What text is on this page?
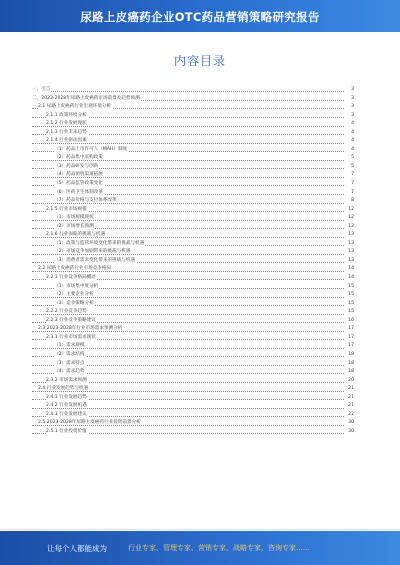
尿路上皮癌药企业OTC药品营销策略研究报告
内容目录
一、引言	3
二、2023-2028年尿路上皮癌药市场前景及趋势预测	3
2.1 尿路上皮癌药行业宏观环境分析	3
2.1.1 政策环境分析	3
2.1.2 行业发展现状	4
2.1.3 行业未来趋势	4
2.1.4 行业驱动因素	4
（1）药品上市许可人（MAH）制度	4
（2）药品集中采购政策	5
（3）药品研发与创新	5
（4）药品销售渠道拓展	7
（5）药品监管政策变化	7
（6）医药卫生体制改革	7
（7）药品价格与支付体系改革	8
2.1.5 行业市场规模	12
（1）市场规模现状	12
（2）市场增长预测	12
2.1.6 行业面临的挑战与机遇	13
（1）政策与监管环境变化带来的挑战与机遇	13
（2）市场竞争加剧带来的挑战与机遇	13
（3）消费者需求变化带来的挑战与机遇	13
2.2 尿路上皮癌药行业市场竞争格局	14
2.2.1 行业竞争格局概述	14
（1）市场集中度分析	15
（2）主要企业分析	15
（3）竞争策略分析	15
2.2.2 行业竞争趋势	15
2.2.3 行业竞争策略建议	16
2.3 2023-2028年行业市场需求预测分析	17
2.3.1 行业市场需求现状	17
（1）需求规模	17
（2）需求结构	18
（3）需求特点	18
（4）需求趋势	18
2.3.2 市场需求预测	20
2.4 行业发展趋势与机遇	21
2.4.1 行业发展趋势	21
2.4.2 行业发展机遇	21
2.4.3 行业发展建议	22
2.5 2023-2028年尿路上皮癌药行业投资前景分析	30
2.5.1 行业投资价值	30
让每个人都能成为	行业专家、管理专家、营销专家、战略专家、咨询专家……
